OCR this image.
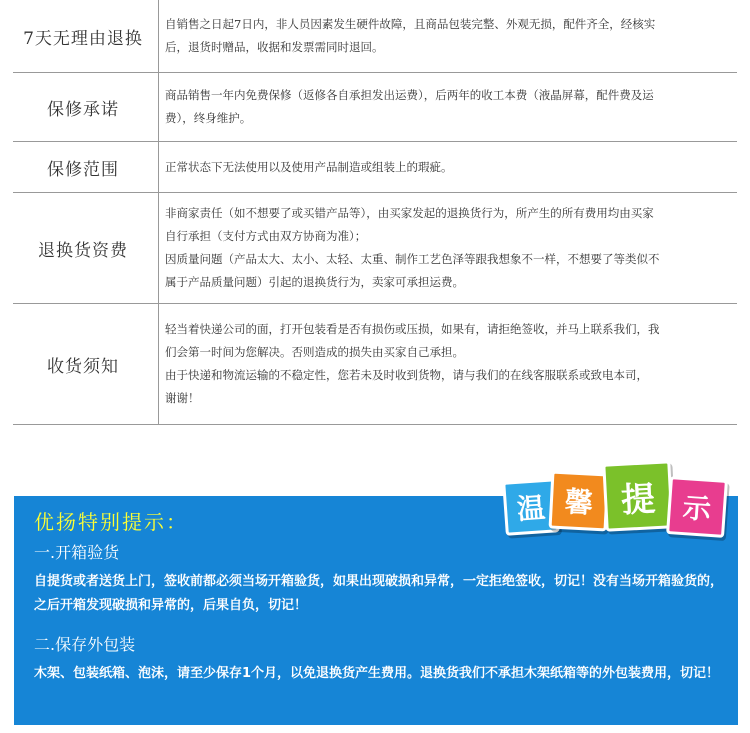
7天无理由退换

自销售之日起7日内，非人员因素发生硬件故障，且商品包装完整、外观无损，配件齐全，经核实

后，退货时赠品，收据和发票需同时退回。

保修承诺

商品销售一年内免费保修（返修各自承担发出运费），后两年的收工本费（液晶屏幕，配件费及运

费），终身维护。

保修范围	正常状态下无法使用以及使用产品制造或组装上的瑕疵。

退换货资费

非商家责任（如不想要了或买错产品等），由买家发起的退换货行为，所产生的所有费用均由买家

自行承担（支付方式由双方协商为准）；

因质量问题（产品太大、太小、太轻、太重、制作工艺色泽等跟我想象不一样，不想要了等类似不

属于产品质量问题）引起的退换货行为，卖家可承担运费。

收货须知

轻当着快递公司的面，打开包装看是否有损伤或压损，如果有，请拒绝签收，并马上联系我们，我

们会第一时间为您解决。否则造成的损失由买家自己承担。

由于快递和物流运输的不稳定性，您若未及时收到货物，请与我们的在线客服联系或致电本司，

谢谢！

优扬特别提示：
一.开箱验货
自提货或者送货上门，签收前都必须当场开箱验货，如果出现破损和异常，一定拒绝签收，切记！没有当场开箱验货的，之后开箱发现破损和异常的，后果自负，切记！
二.保存外包装
木架、包装纸箱、泡沫，请至少保存1个月，以免退换货产生费用。退换货我们不承担木架纸箱等的外包装费用，切记！
温 馨 提 示
